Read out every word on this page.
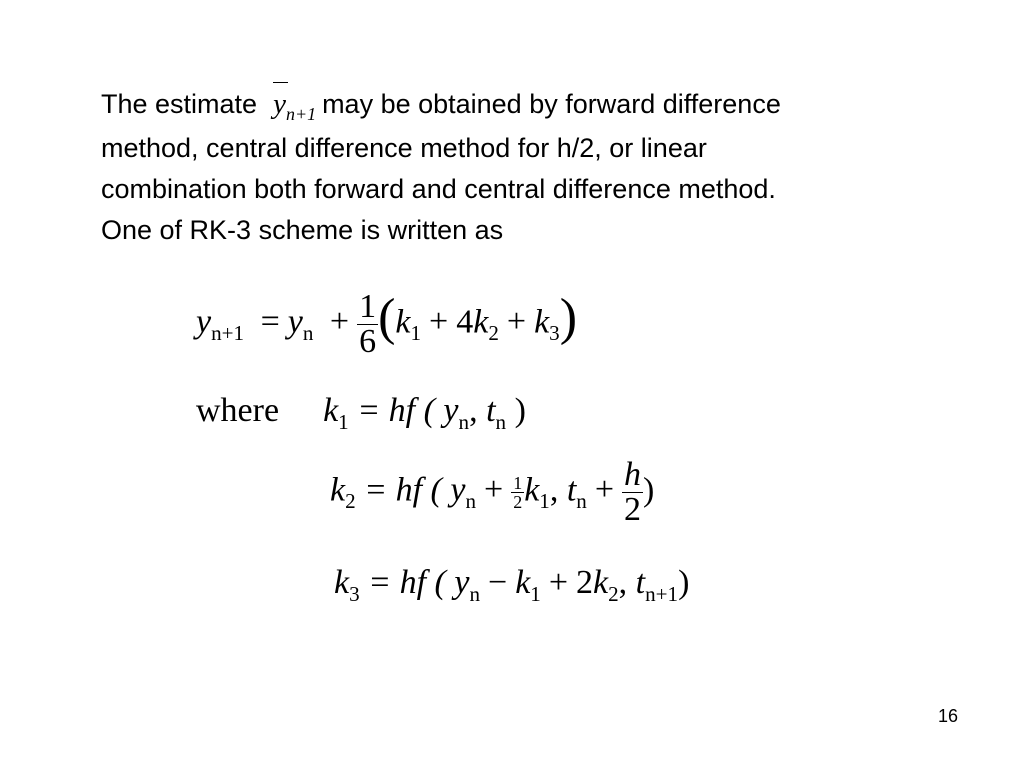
The estimate $y_{n+1}$ may be obtained by forward difference
method, central difference method for h/2, or linear
combination both forward and central difference method.
One of RK-3 scheme is written as
$y_{n+1} = y_n + \frac{1}{6} (k_1 + 4k_2 + k_3)$
where $k_1$ = hf ( $y_n$, $t_n$ )
$k_2$ = hf ( $y_n + \frac{1}{2} k_1$, $t_n + \frac{h}{2}$ )
$k_3$ = hf ( $y_n - k_1 + 2k_2$, $t_{n+1}$)
16
